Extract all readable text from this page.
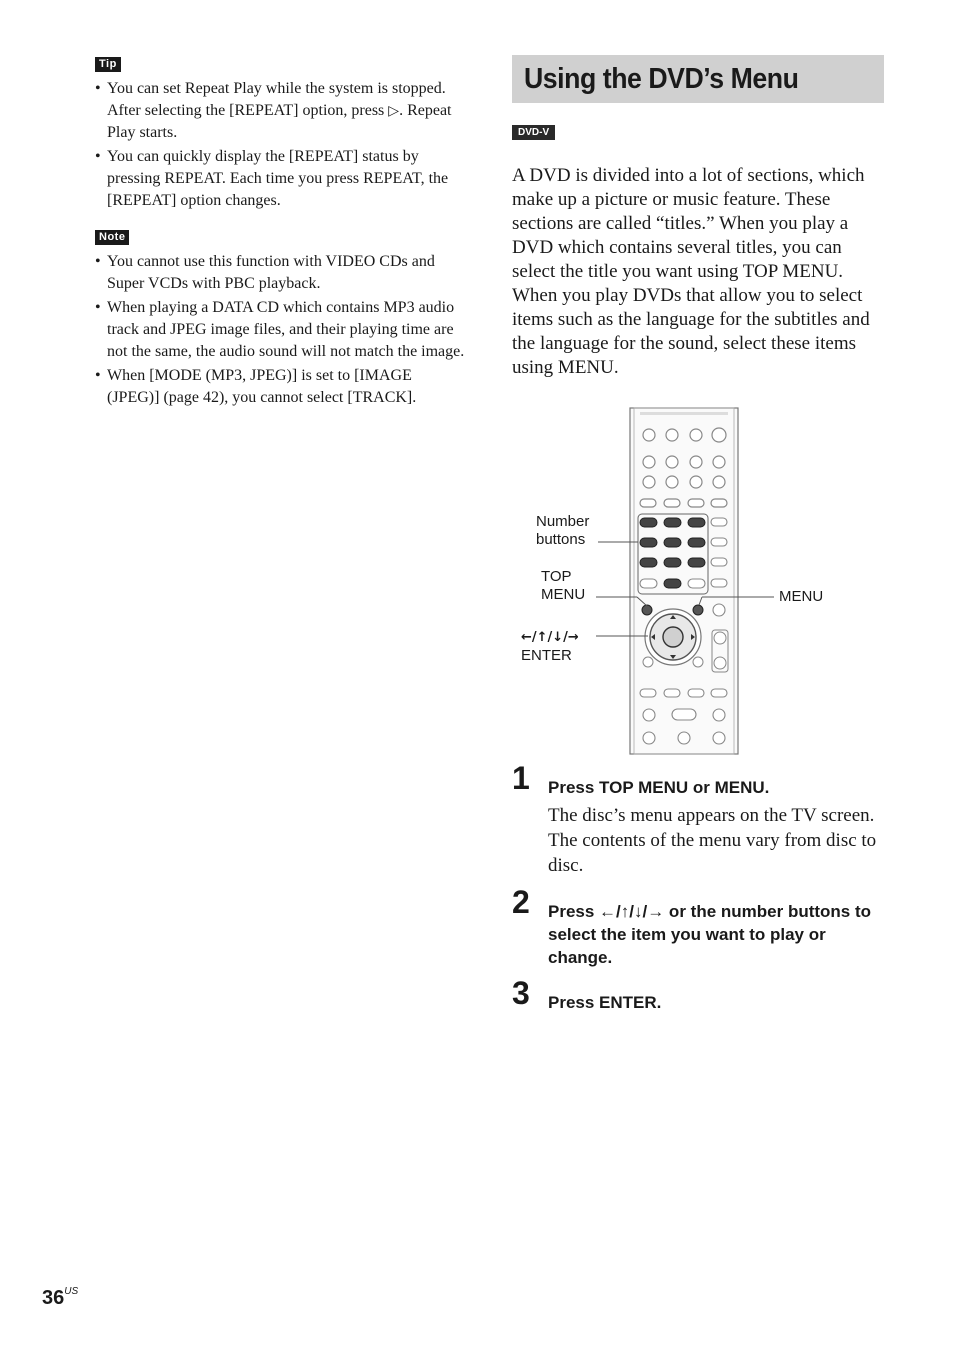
Tip
• You can set Repeat Play while the system is stopped. After selecting the [REPEAT] option, press ▷. Repeat Play starts.
• You can quickly display the [REPEAT] status by pressing REPEAT. Each time you press REPEAT, the [REPEAT] option changes.
Note
• You cannot use this function with VIDEO CDs and Super VCDs with PBC playback.
• When playing a DATA CD which contains MP3 audio track and JPEG image files, and their playing time are not the same, the audio sound will not match the image.
• When [MODE (MP3, JPEG)] is set to [IMAGE (JPEG)] (page 42), you cannot select [TRACK].
Using the DVD’s Menu
DVD-V

A DVD is divided into a lot of sections, which make up a picture or music feature. These sections are called “titles.” When you play a DVD which contains several titles, you can select the title you want using TOP MENU. When you play DVDs that allow you to select items such as the language for the subtitles and the language for the sound, select these items using MENU.

Number
buttons
TOP
MENU
←/↑/↓/→
ENTER
MENU
1 Press TOP MENU or MENU.

The disc’s menu appears on the TV screen. The contents of the menu vary from disc to disc.

2 Press ←/↑/↓/→ or the number buttons to select the item you want to play or change.

3 Press ENTER.

$36^{US}$
